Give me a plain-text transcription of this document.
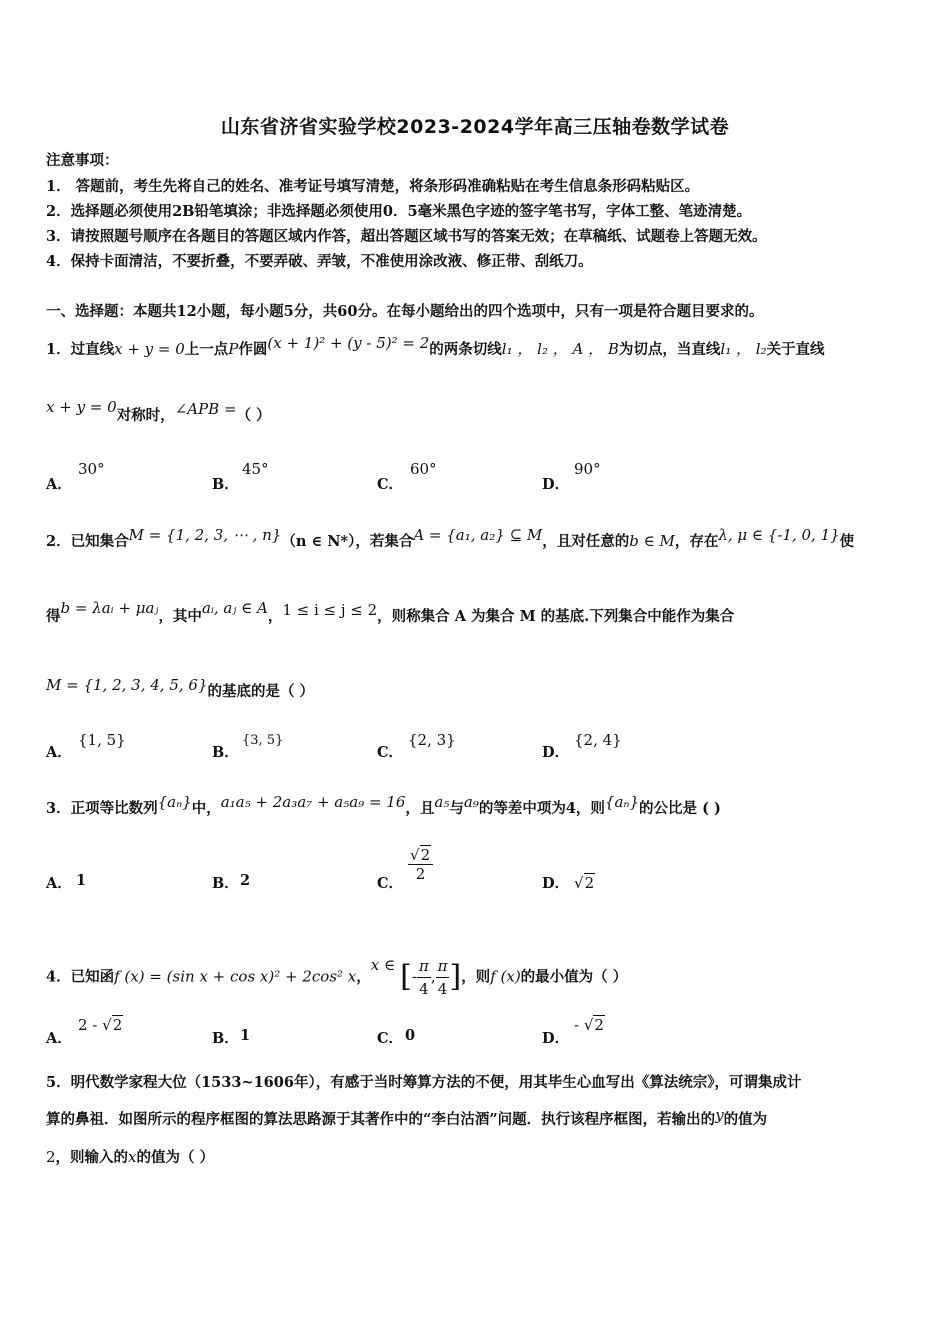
山东省济省实验学校2023-2024学年高三压轴卷数学试卷
注意事项：
1． 答题前，考生先将自己的姓名、准考证号填写清楚，将条形码准确粘贴在考生信息条形码粘贴区。
2．选择题必须使用2B铅笔填涂；非选择题必须使用0．5毫米黑色字迹的签字笔书写，字体工整、笔迹清楚。
3．请按照题号顺序在各题目的答题区域内作答，超出答题区域书写的答案无效；在草稿纸、试题卷上答题无效。
4．保持卡面清洁，不要折叠，不要弄破、弄皱，不准使用涂改液、修正带、刮纸刀。
一、选择题：本题共12小题，每小题5分，共60分。在每小题给出的四个选项中，只有一项是符合题目要求的。
1．过直线x + y = 0上一点P作圆(x + 1)² + (y - 5)² = 2的两条切线l₁ ， l₂ ， A ， B为切点，当直线l₁ ， l₂关于直线
x + y = 0对称时，∠APB =（ ）
A．
30°
B．
45°
C．
60°
D．
90°
2．已知集合M = {1, 2, 3, ⋯ , n}（n ∈ N*），若集合A = {a₁, a₂} ⊆ M，且对任意的b ∈ M，存在λ, μ ∈ {-1, 0, 1}使
得b = λaᵢ + μaⱼ，其中aᵢ, aⱼ ∈ A，1 ≤ i ≤ j ≤ 2，则称集合 A 为集合 M 的基底.下列集合中能作为集合
M = {1, 2, 3, 4, 5, 6}的基底的是（ ）
A．
{1, 5}
B．
{3, 5}
C．
{2, 3}
D．
{2, 4}
3．正项等比数列{aₙ}中，a₁a₅ + 2a₃a₇ + a₅a₉ = 16，且a₅与a₉的等差中项为4，则{aₙ}的公比是 ( )
A． 1	B． 2	C．
$\frac{√2}{2}$
D． √2
4．已知函f (x) = (sin x + cos x)² + 2cos² x，x ∈ [- $\frac{\pi}{4}$ , $\frac{\pi}{4}$ ]，则f (x)的最小值为（ ）
A．
2 - √2
B． 1	C． 0	D．
- √2
5．明代数学家程大位（1533~1606年），有感于当时筹算方法的不便，用其毕生心血写出《算法统宗》，可谓集成计
算的鼻祖．如图所示的程序框图的算法思路源于其著作中的“李白沽酒”问题．执行该程序框图，若输出的y的值为
2，则输入的x的值为（ ）
